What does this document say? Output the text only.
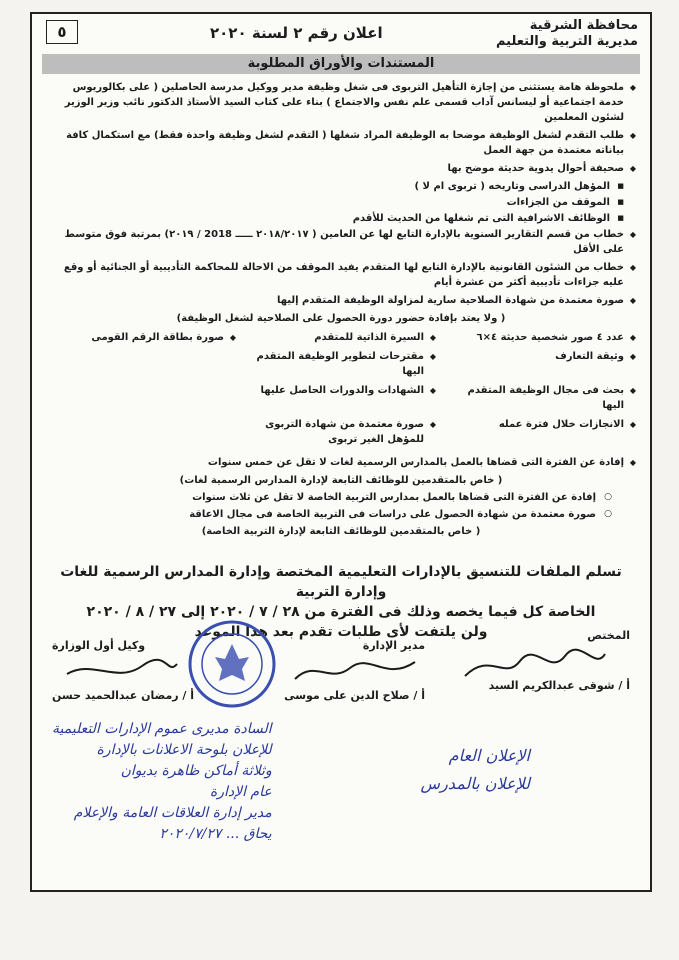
محافظة الشرقية
مديرية التربية والتعليم
اعلان رقم ٢ لسنة ٢٠٢٠
٥
المستندات والأوراق المطلوبة
◆ ملحوظة هامة يستثنى من إجازة التأهيل التربوى فى شغل وظيفة مدير ووكيل مدرسة الحاصلين ( على بكالوريوس خدمة اجتماعية أو ليسانس آداب قسمى علم نفس والاجتماع ) بناء على كتاب السيد الأستاذ الدكتور نائب وزير الوزير لشئون المعلمين
◆ طلب التقدم لشغل الوظيفة موضحا به الوظيفة المراد شغلها ( التقدم لشغل وظيفة واحدة فقط) مع استكمال كافة بياناته معتمدة من جهة العمل
◆ صحيفة أحوال يدوية حديثة موضح بها
■ المؤهل الدراسى وتاريخه ( تربوى ام لا )
■ الموقف من الجزاءات
■ الوظائف الاشرافية التى تم شغلها من الحديث للأقدم
◆ خطاب من قسم التقارير السنوية بالإدارة التابع لها عن العامين ( ٢٠١٨/٢٠١٧ ـــــ 2018 / ٢٠١٩) بمرتبة فوق متوسط على الأقل
◆ خطاب من الشئون القانونية بالإدارة التابع لها المتقدم يفيد الموقف من الاحالة للمحاكمة التأديبية أو الجنائية أو وقع عليه جزاءات تأديبية أكثر من عشرة أيام
◆ صورة معتمدة من شهادة الصلاحية سارية لمزاولة الوظيفة المتقدم إليها
( ولا يعتد بإفادة حضور دورة الحصول على الصلاحية لشغل الوظيفة)
◆ عدد ٤ صور شخصية حديثة ٤×٦
◆ السيرة الذاتية للمتقدم
◆ صورة بطاقة الرقم القومى
◆ وثيقة التعارف
◆ مقترحات لتطوير الوظيفة المتقدم اليها
◆ بحث فى مجال الوظيفة المتقدم اليها
◆ الشهادات والدورات الحاصل عليها
◆ الانجازات خلال فترة عمله
◆ صورة معتمدة من شهادة التربوى للمؤهل الغير تربوى
◆ إفادة عن الفترة التى قضاها بالعمل بالمدارس الرسمية لغات لا تقل عن خمس سنوات
( خاص بالمتقدمين للوظائف التابعة لإدارة المدارس الرسمية لغات)
○ إفادة عن الفترة التى قضاها بالعمل بمدارس التربية الخاصة لا تقل عن ثلاث سنوات
○ صورة معتمدة من شهادة الحصول على دراسات فى التربية الخاصة فى مجال الاعاقة
( خاص بالمتقدمين للوظائف التابعة لإدارة التربية الخاصة)
تسلم الملفات للتنسيق بالإدارات التعليمية المختصة وإدارة المدارس الرسمية للغات وإدارة التربية
الخاصة كل فيما يخصه وذلك فى الفترة من ٢٨ / ٧ / ٢٠٢٠ إلى ٢٧ / ٨ / ٢٠٢٠
ولن يلتفت لأى طلبات تقدم بعد هذا الموعد	المختص
أ / شوقى عبدالكريم السيد
مدير الإدارة
أ / صلاح الدين على موسى
وكيل أول الوزارة
أ / رمضان عبدالحميد حسن
السادة مديرى عموم الإدارات التعليمية
للإعلان بلوحة الاعلانات بالإدارة
وثلاثة أماكن ظاهرة بديوان
عام الإدارة
مدير إدارة العلاقات العامة والإعلام
يحاق ... ٢٠٢٠/٧/٢٧
الإعلان العام
للإعلان بالمدرس
